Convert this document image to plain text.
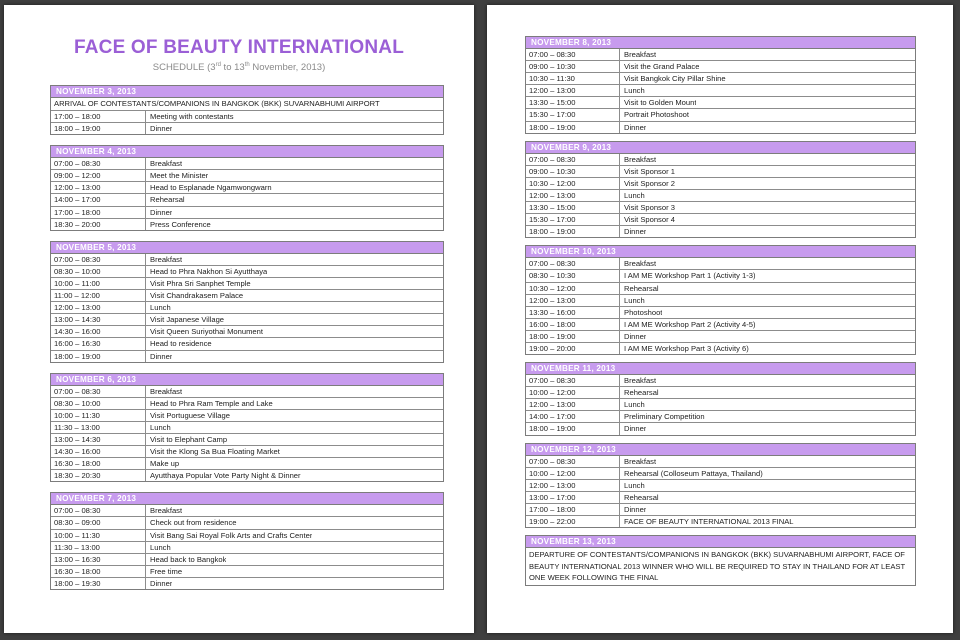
FACE OF BEAUTY INTERNATIONAL
SCHEDULE (3rd to 13th November, 2013)
NOVEMBER 3, 2013
ARRIVAL OF CONTESTANTS/COMPANIONS IN BANGKOK (BKK) SUVARNABHUMI AIRPORT
17:00 – 18:00	Meeting with contestants
18:00 – 19:00	Dinner
NOVEMBER 4, 2013
07:00 – 08:30	Breakfast
09:00 – 12:00	Meet the Minister
12:00 – 13:00	Head to Esplanade Ngamwongwarn
14:00 – 17:00	Rehearsal
17:00 – 18:00	Dinner
18:30 – 20:00	Press Conference
NOVEMBER 5, 2013
07:00 – 08:30	Breakfast
08:30 – 10:00	Head to Phra Nakhon Si Ayutthaya
10:00 – 11:00	Visit Phra Sri Sanphet Temple
11:00 – 12:00	Visit Chandrakasem Palace
12:00 – 13:00	Lunch
13:00 – 14:30	Visit Japanese Village
14:30 – 16:00	Visit Queen Suriyothai Monument
16:00 – 16:30	Head to residence
18:00 – 19:00	Dinner
NOVEMBER 6, 2013
07:00 – 08:30	Breakfast
08:30 – 10:00	Head to Phra Ram Temple and Lake
10:00 – 11:30	Visit Portuguese Village
11:30 – 13:00	Lunch
13:00 – 14:30	Visit to Elephant Camp
14:30 – 16:00	Visit the Klong Sa Bua Floating Market
16:30 – 18:00	Make up
18:30 – 20:30	Ayutthaya Popular Vote Party Night & Dinner
NOVEMBER 7, 2013
07:00 – 08:30	Breakfast
08:30 – 09:00	Check out from residence
10:00 – 11:30	Visit Bang Sai Royal Folk Arts and Crafts Center
11:30 – 13:00	Lunch
13:00 – 16:30	Head back to Bangkok
16:30 – 18:00	Free time
18:00 – 19:30	Dinner
NOVEMBER 8, 2013
07:00 – 08:30	Breakfast
09:00 – 10:30	Visit the Grand Palace
10:30 – 11:30	Visit Bangkok City Pillar Shine
12:00 – 13:00	Lunch
13:30 – 15:00	Visit to Golden Mount
15:30 – 17:00	Portrait Photoshoot
18:00 – 19:00	Dinner
NOVEMBER 9, 2013
07:00 – 08:30	Breakfast
09:00 – 10:30	Visit Sponsor 1
10:30 – 12:00	Visit Sponsor 2
12:00 – 13:00	Lunch
13:30 – 15:00	Visit Sponsor 3
15:30 – 17:00	Visit Sponsor 4
18:00 – 19:00	Dinner
NOVEMBER 10, 2013
07:00 – 08:30	Breakfast
08:30 – 10:30	I AM ME Workshop Part 1 (Activity 1-3)
10:30 – 12:00	Rehearsal
12:00 – 13:00	Lunch
13:30 – 16:00	Photoshoot
16:00 – 18:00	I AM ME Workshop Part 2 (Activity 4-5)
18:00 – 19:00	Dinner
19:00 – 20:00	I AM ME Workshop Part 3 (Activity 6)
NOVEMBER 11, 2013
07:00 – 08:30	Breakfast
10:00 – 12:00	Rehearsal
12:00 – 13:00	Lunch
14:00 – 17:00	Preliminary Competition
18:00 – 19:00	Dinner
NOVEMBER 12, 2013
07:00 – 08:30	Breakfast
10:00 – 12:00	Rehearsal (Colloseum Pattaya, Thailand)
12:00 – 13:00	Lunch
13:00 – 17:00	Rehearsal
17:00 – 18:00	Dinner
19:00 – 22:00	FACE OF BEAUTY INTERNATIONAL 2013 FINAL
NOVEMBER 13, 2013
DEPARTURE OF CONTESTANTS/COMPANIONS IN BANGKOK (BKK) SUVARNABHUMI AIRPORT, FACE OF BEAUTY INTERNATIONAL 2013 WINNER WHO WILL BE REQUIRED TO STAY IN THAILAND FOR AT LEAST ONE WEEK FOLLOWING THE FINAL
